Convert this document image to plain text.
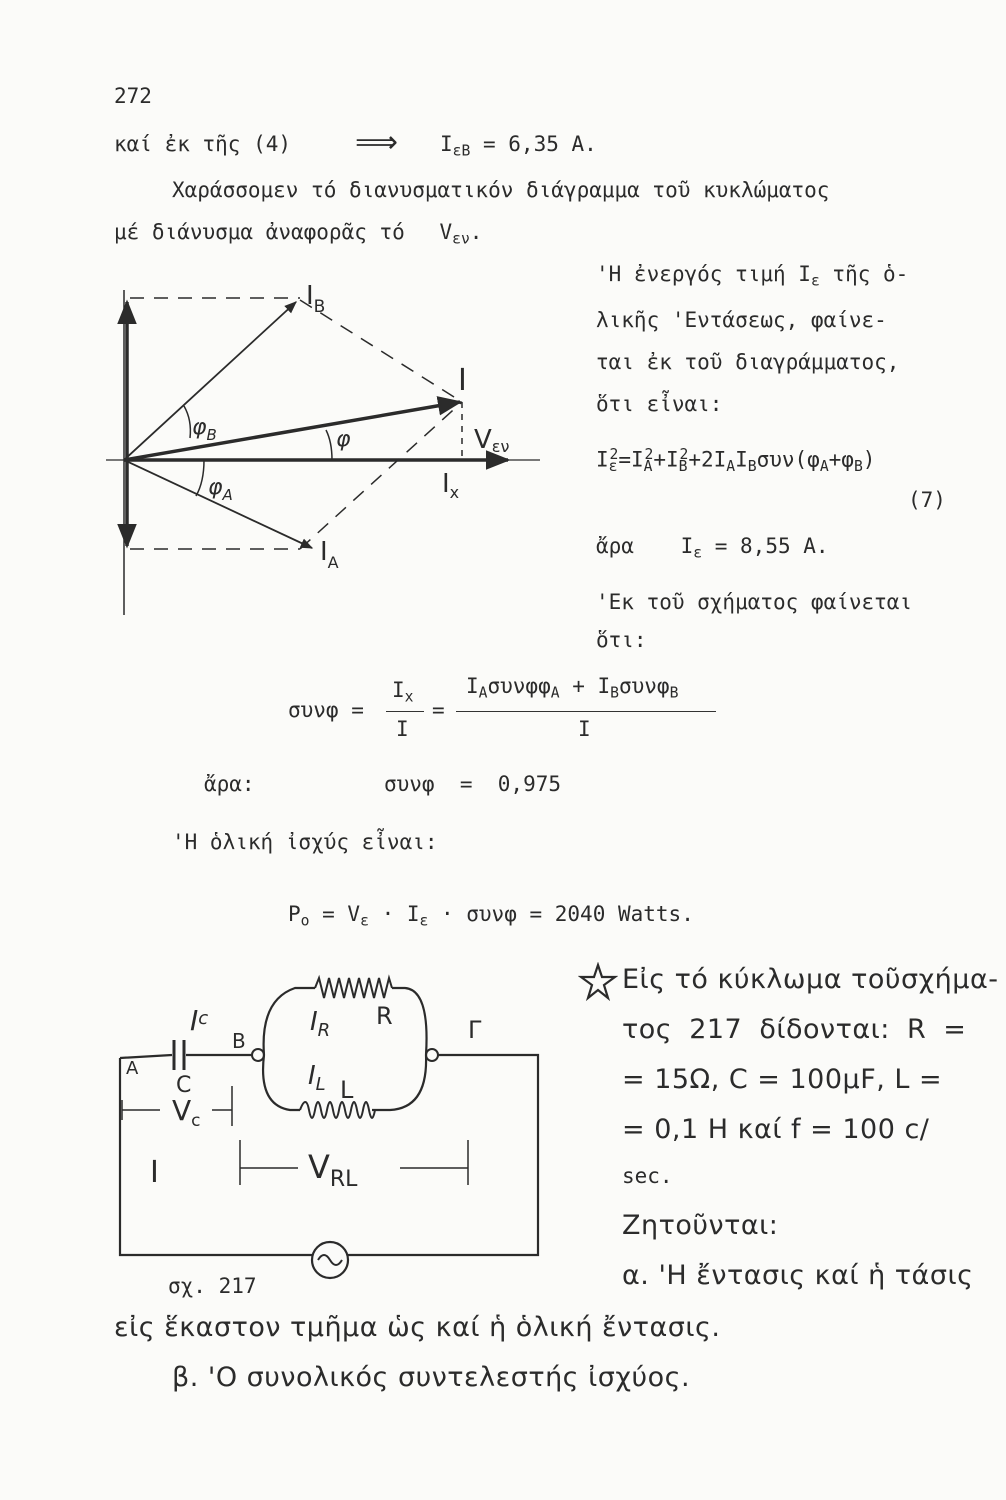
272
καί ἐκ τῆς (4) ⟹ $I_{\varepsilon B} = 6,35$ A.
Χαράσσομεν τό διανυσματικόν διάγραμμα τοῦ κυκλώματος
μέ διάνυσμα ἀναφορᾶς τό $V_{\varepsilon\nu}$.
'Η ἐνεργός τιμή $I_\varepsilon$ τῆς ὁ-
λικῆς 'Εντάσεως, φαίνε-
ται ἐκ τοῦ διαγράμματος,
ὅτι εἶναι:
$I_\varepsilon^2=I_A^2+I_B^2+2I_AI_B\sigma\upsilon\nu(\varphi_A+\varphi_B)$
(7)
ἄρα $I_\varepsilon = 8,55$ A.
'Εκ τοῦ σχήματος φαίνεται
ὅτι:
$I_B$
I
φ
$\varphi_B$	Vεν
$\varphi_A$	$I_x$
$I_A$
συνφ =
$I_x$
I
=
$I_A\sigma\upsilon\nu\varphi\varphi_A + I_B\sigma\upsilon\nu\varphi_B$
I
ἄρα:	συνφ  =  0,975
'Η ὁλική ἰσχύς εἶναι:
$P_o = V_\varepsilon \cdot I_\varepsilon \cdot \sigma\upsilon\nu\varphi = 2040$ Watts.
$I^c$
B
A
C
$V_c$
I
$I_R$
R
$I_L$ L
Γ
$V_{RL}$
σχ. 217
Εἰς τό κύκλωμα τοῦσχήμα-
τος 217 δίδονται: R =
= 15Ω, C = 100μF, L =
= 0,1 Η καί f = 100 c/
sec.
Ζητοῦνται:
α. 'Η ἔντασις καί ἡ τάσις
εἰς ἕκαστον τμῆμα ὡς καί ἡ ὁλική ἔντασις.
β. 'Ο συνολικός συντελεστής ἰσχύος.
